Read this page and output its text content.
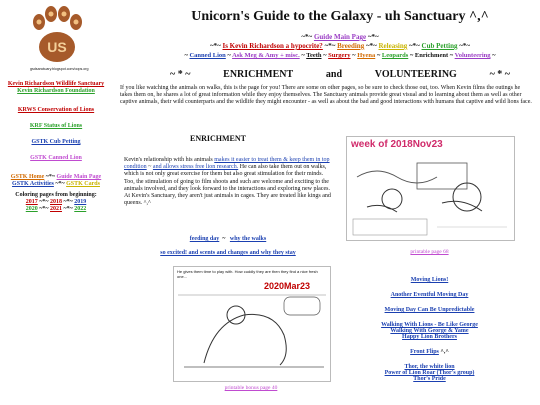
US
gsdsanctuary.blogspot.com/oops.org
Unicorn's Guide to the Galaxy - uh Sanctuary ^,^
~*~ Guide Main Page ~*~
~*~ Is Kevin Richardson a hypocrite? ~*~ Breeding ~*~ Releasing ~*~ Cub Petting ~*~
~ Canned Lion ~ Ask Meg & Amy + misc. ~ Teeth ~ Surgery ~ Hyena ~ Leopards ~ Enrichment ~ Volunteering ~
Kevin Richardson Wildlife Sanctuary
Kevin Richardson Foundation
KRWS Conservation of Lions
KRF Status of Lions
GSTK Cub Petting
GSTK Canned Lion
GSTK Home ~*~ Guide Main Page
GSTK Activities ~*~ GSTK Cards
Coloring pages from beginning:
2017 ~*~ 2018 ~*~ 2019
2020 ~*~ 2021 ~*~ 2022
~ * ~	ENRICHMENT	and	VOLUNTEERING	~ * ~
If you like watching the animals on walks, this is the page for you! There are some on other pages, so be sure to check those out, too. When Kevin films the outings he takes them on, he shares a lot of great information while they enjoy themselves. The Sanctuary animals provide great visual and to learning about them as well as other captive animals, their wild counterparts and the wildlife they might encounter - as well as about the bad and good interactions with humans that captive and wild lions face.
ENRICHMENT
Kevin's relationship with his animals makes it easier to treat them & keep them in top condition ~ and allows stress free lion research. He can also take them out on walks, which is not only great exercise for them but also great stimulation for their minds. Too, the stimulation of going to film shoots and such are welcome and exciting to the animals involved, and they look forward to the interactions and exploring new places. At Kevin's Sanctuary, they aren't just animals in cages. They are treated like kings and queens. ^,^
feeding day  ~   why the walks
so excited! and scents and changes and why they stay
week of 2018Nov23
printable page 68
He gives them time to play with. How cuddly they are then they find a nice fresh one...
2020Mar23
printable bonus page 40
Moving Lions!
Another Eventful Moving Day
Moving Day Can Be Unpredictable
Walking With Lions - Be Like George
Walking With George & Yame
Happy Lion Brothers
Front Flips ^,^
Thor, the white lion
Power of Lion Roar (Thor's group)
Thor's Pride
